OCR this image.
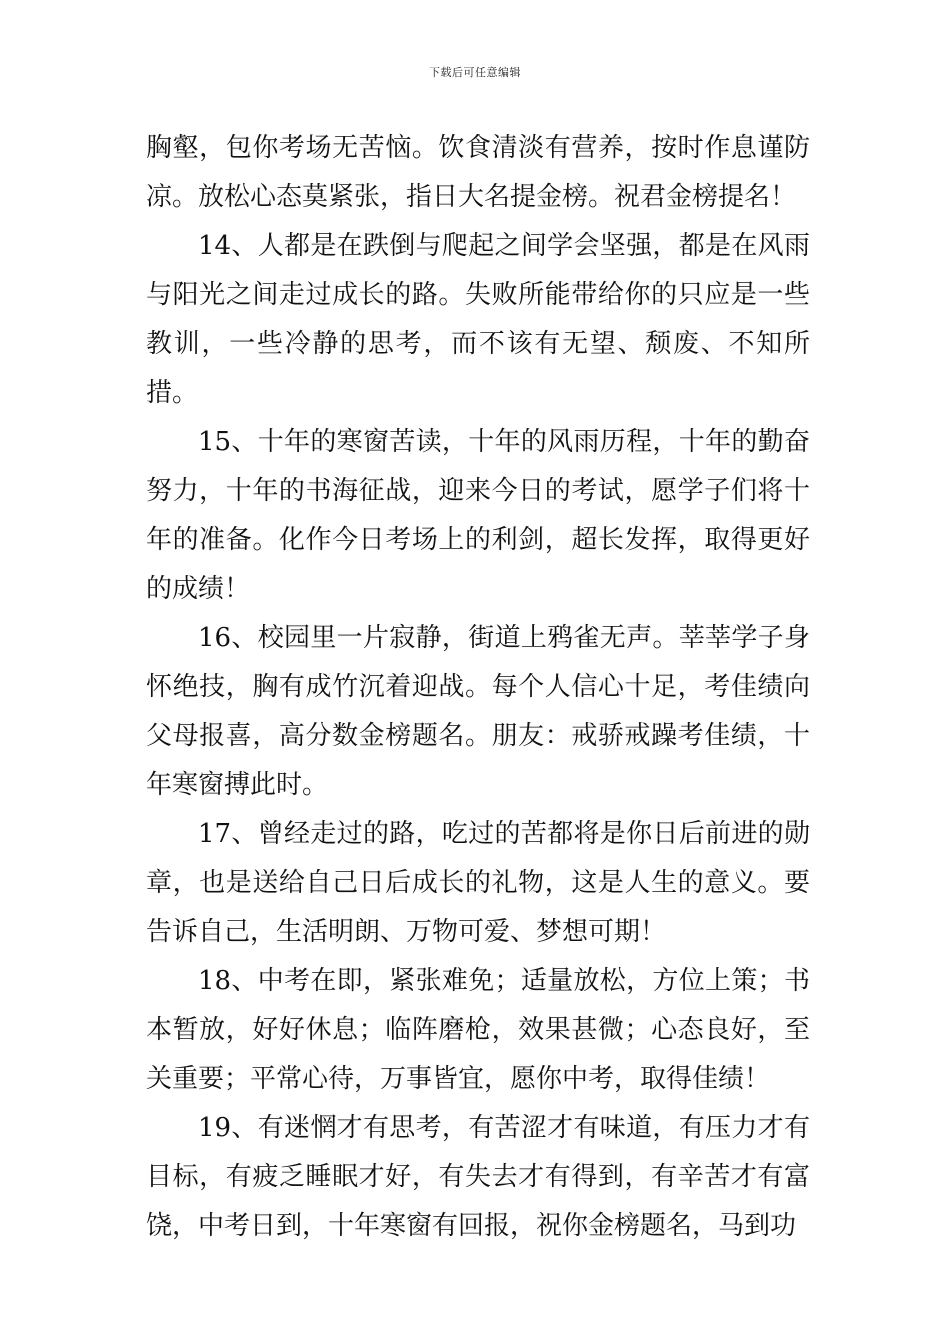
下载后可任意编辑

胸壑，包你考场无苦恼。饮食清淡有营养，按时作息谨防凉。放松心态莫紧张，指日大名提金榜。祝君金榜提名！

14、人都是在跌倒与爬起之间学会坚强，都是在风雨与阳光之间走过成长的路。失败所能带给你的只应是一些教训，一些冷静的思考，而不该有无望、颓废、不知所措。

15、十年的寒窗苦读，十年的风雨历程，十年的勤奋努力，十年的书海征战，迎来今日的考试，愿学子们将十年的准备。化作今日考场上的利剑，超长发挥，取得更好的成绩！

16、校园里一片寂静，街道上鸦雀无声。莘莘学子身怀绝技，胸有成竹沉着迎战。每个人信心十足，考佳绩向父母报喜，高分数金榜题名。朋友：戒骄戒躁考佳绩，十年寒窗搏此时。

17、曾经走过的路，吃过的苦都将是你日后前进的勋章，也是送给自己日后成长的礼物，这是人生的意义。要告诉自己，生活明朗、万物可爱、梦想可期！

18、中考在即，紧张难免；适量放松，方位上策；书本暂放，好好休息；临阵磨枪，效果甚微；心态良好，至关重要；平常心待，万事皆宜，愿你中考，取得佳绩！

19、有迷惘才有思考，有苦涩才有味道，有压力才有目标，有疲乏睡眠才好，有失去才有得到，有辛苦才有富饶，中考日到，十年寒窗有回报，祝你金榜题名，马到功
